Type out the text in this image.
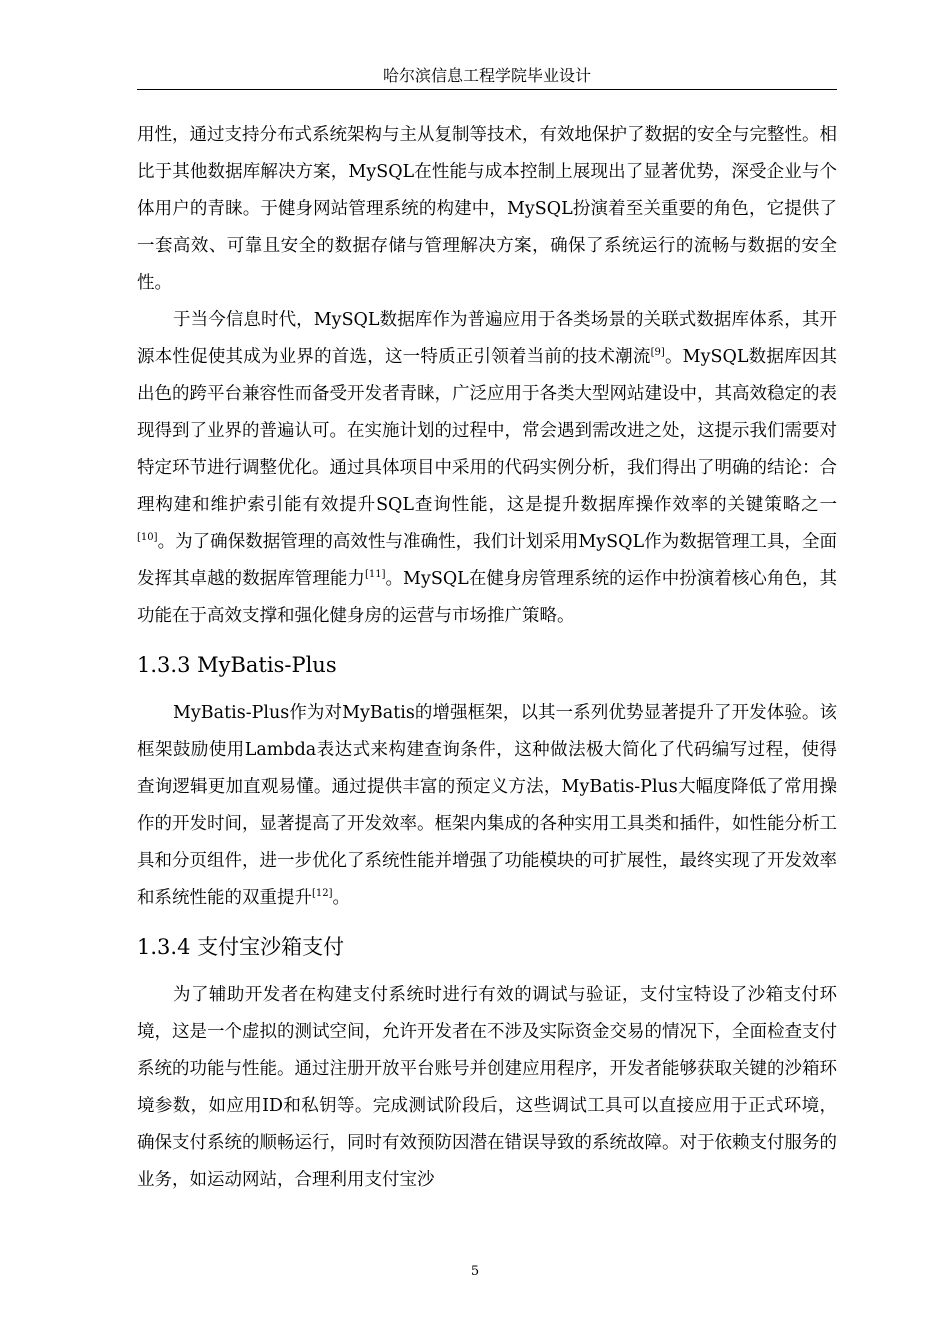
哈尔滨信息工程学院毕业设计

用性，通过支持分布式系统架构与主从复制等技术，有效地保护了数据的安全与完整性。相比于其他数据库解决方案，MySQL在性能与成本控制上展现出了显著优势，深受企业与个体用户的青睐。于健身网站管理系统的构建中，MySQL扮演着至关重要的角色，它提供了一套高效、可靠且安全的数据存储与管理解决方案，确保了系统运行的流畅与数据的安全性。

于当今信息时代，MySQL数据库作为普遍应用于各类场景的关联式数据库体系，其开源本性促使其成为业界的首选，这一特质正引领着当前的技术潮流[9]。MySQL数据库因其出色的跨平台兼容性而备受开发者青睐，广泛应用于各类大型网站建设中，其高效稳定的表现得到了业界的普遍认可。在实施计划的过程中，常会遇到需改进之处，这提示我们需要对特定环节进行调整优化。通过具体项目中采用的代码实例分析，我们得出了明确的结论：合理构建和维护索引能有效提升SQL查询性能，这是提升数据库操作效率的关键策略之一[10]。为了确保数据管理的高效性与准确性，我们计划采用MySQL作为数据管理工具，全面发挥其卓越的数据库管理能力[11]。MySQL在健身房管理系统的运作中扮演着核心角色，其功能在于高效支撑和强化健身房的运营与市场推广策略。

1.3.3 MyBatis-Plus

MyBatis-Plus作为对MyBatis的增强框架，以其一系列优势显著提升了开发体验。该框架鼓励使用Lambda表达式来构建查询条件，这种做法极大简化了代码编写过程，使得查询逻辑更加直观易懂。通过提供丰富的预定义方法，MyBatis-Plus大幅度降低了常用操作的开发时间，显著提高了开发效率。框架内集成的各种实用工具类和插件，如性能分析工具和分页组件，进一步优化了系统性能并增强了功能模块的可扩展性，最终实现了开发效率和系统性能的双重提升[12]。

1.3.4 支付宝沙箱支付

为了辅助开发者在构建支付系统时进行有效的调试与验证，支付宝特设了沙箱支付环境，这是一个虚拟的测试空间，允许开发者在不涉及实际资金交易的情况下，全面检查支付系统的功能与性能。通过注册开放平台账号并创建应用程序，开发者能够获取关键的沙箱环境参数，如应用ID和私钥等。完成测试阶段后，这些调试工具可以直接应用于正式环境，确保支付系统的顺畅运行，同时有效预防因潜在错误导致的系统故障。对于依赖支付服务的业务，如运动网站，合理利用支付宝沙

5
